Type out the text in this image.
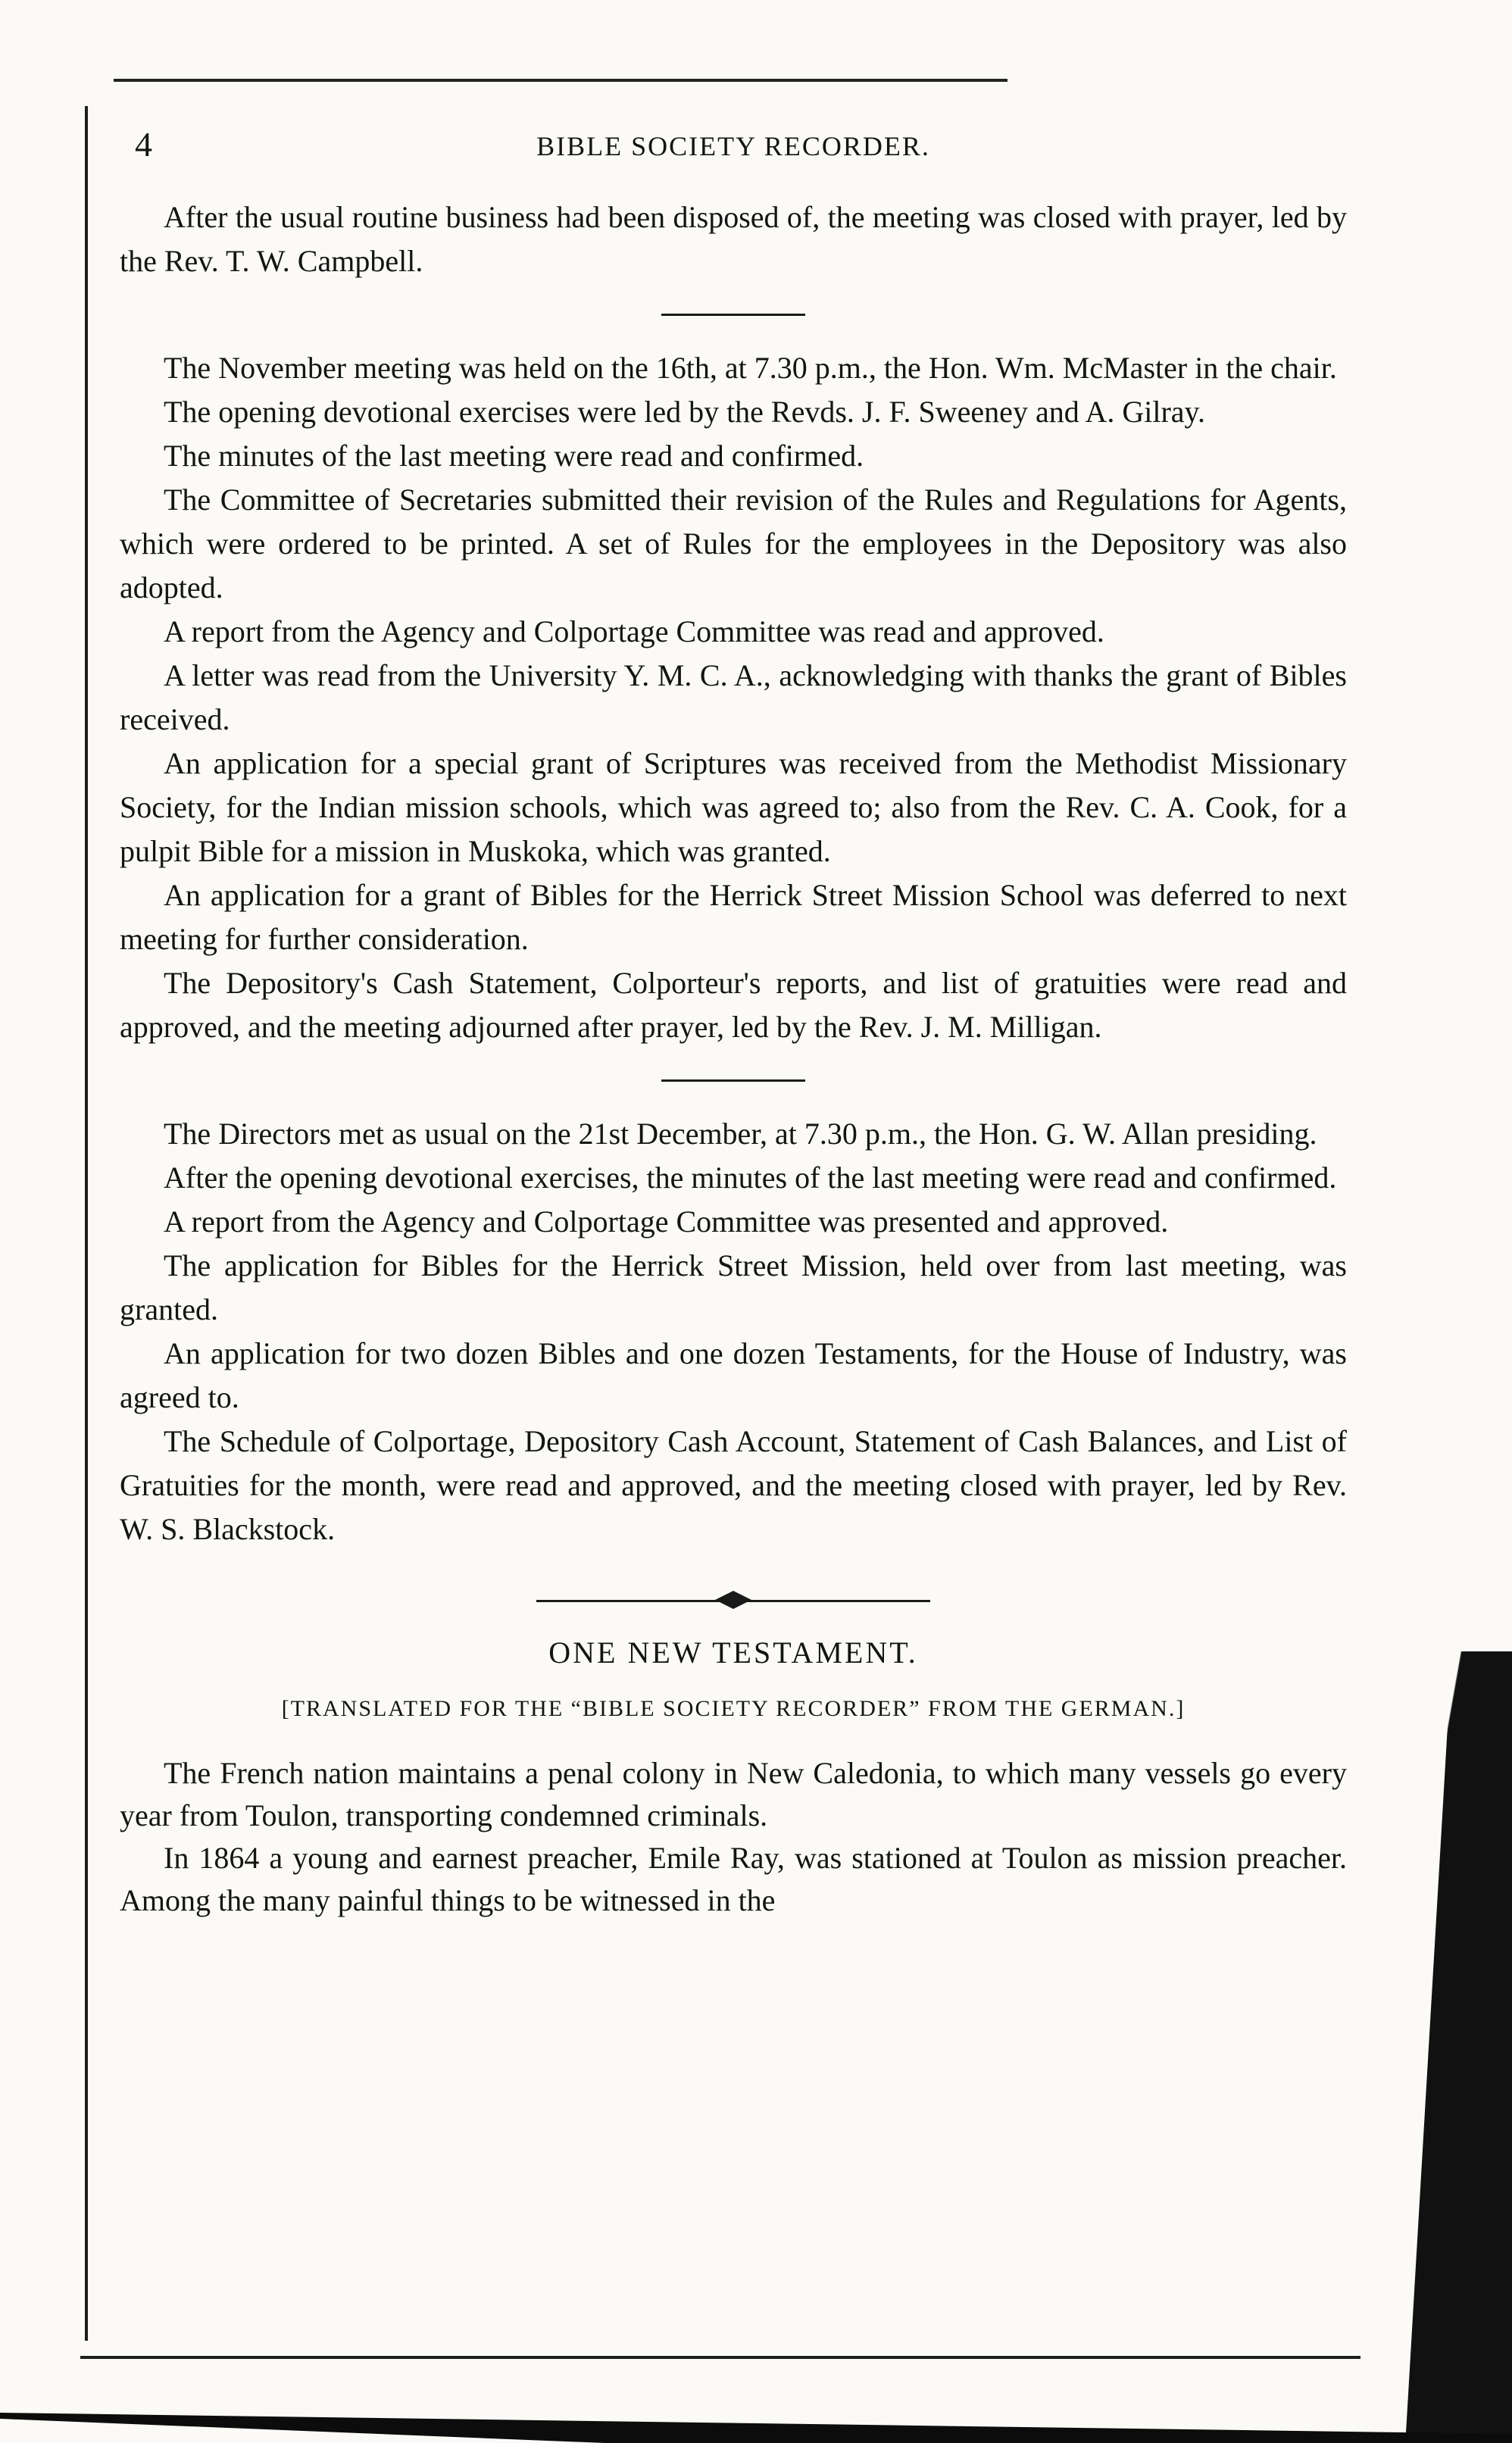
4	BIBLE SOCIETY RECORDER.

After the usual routine business had been disposed of, the meeting was closed with prayer, led by the Rev. T. W. Campbell.

The November meeting was held on the 16th, at 7.30 p.m., the Hon. Wm. McMaster in the chair.

The opening devotional exercises were led by the Revds. J. F. Sweeney and A. Gilray.

The minutes of the last meeting were read and confirmed.

The Committee of Secretaries submitted their revision of the Rules and Regulations for Agents, which were ordered to be printed. A set of Rules for the employees in the Depository was also adopted.

A report from the Agency and Colportage Committee was read and approved.

A letter was read from the University Y. M. C. A., acknowledging with thanks the grant of Bibles received.

An application for a special grant of Scriptures was received from the Methodist Missionary Society, for the Indian mission schools, which was agreed to; also from the Rev. C. A. Cook, for a pulpit Bible for a mission in Muskoka, which was granted.

An application for a grant of Bibles for the Herrick Street Mission School was deferred to next meeting for further consideration.

The Depository's Cash Statement, Colporteur's reports, and list of gratuities were read and approved, and the meeting adjourned after prayer, led by the Rev. J. M. Milligan.

The Directors met as usual on the 21st December, at 7.30 p.m., the Hon. G. W. Allan presiding.

After the opening devotional exercises, the minutes of the last meeting were read and confirmed.

A report from the Agency and Colportage Committee was presented and approved.

The application for Bibles for the Herrick Street Mission, held over from last meeting, was granted.

An application for two dozen Bibles and one dozen Testaments, for the House of Industry, was agreed to.

The Schedule of Colportage, Depository Cash Account, Statement of Cash Balances, and List of Gratuities for the month, were read and approved, and the meeting closed with prayer, led by Rev. W. S. Blackstock.

ONE NEW TESTAMENT.
[TRANSLATED FOR THE “BIBLE SOCIETY RECORDER” FROM THE GERMAN.]

The French nation maintains a penal colony in New Caledonia, to which many vessels go every year from Toulon, transporting condemned criminals.

In 1864 a young and earnest preacher, Emile Ray, was stationed at Toulon as mission preacher. Among the many painful things to be witnessed in the
